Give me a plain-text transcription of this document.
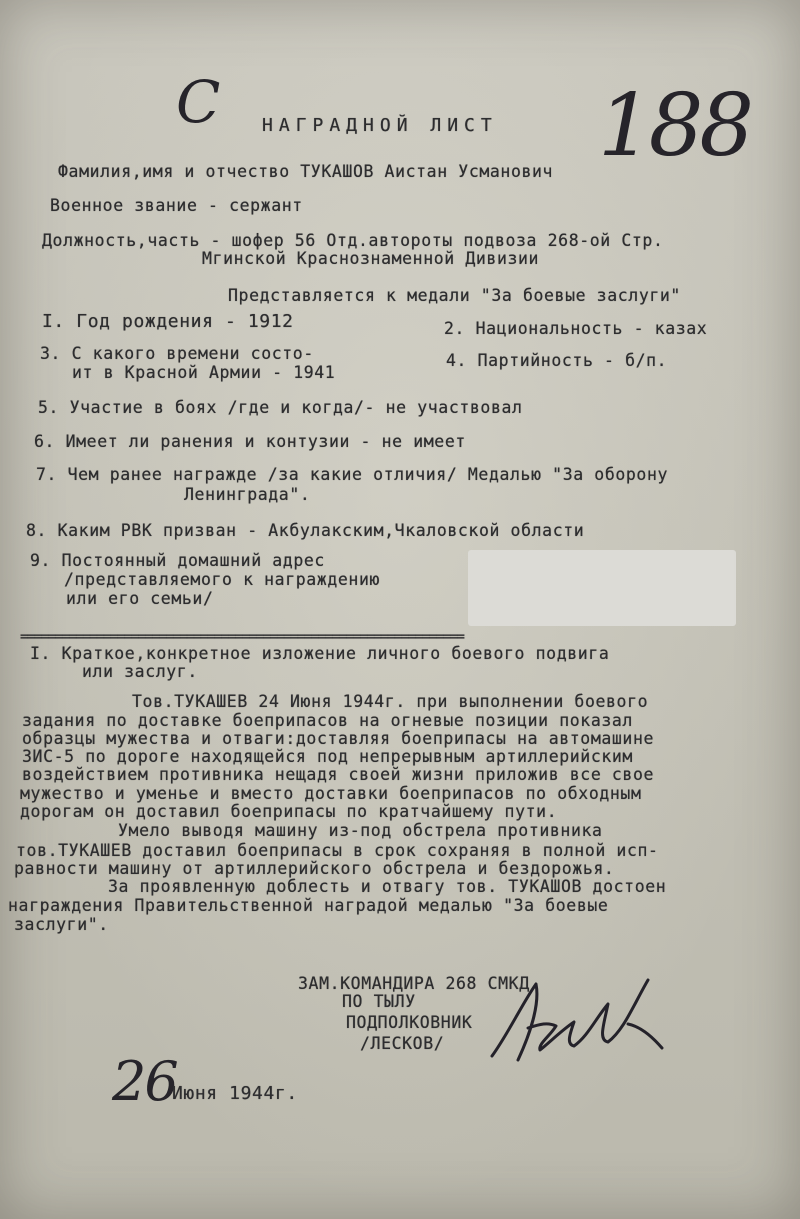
С	188
НАГРАДНОЙ ЛИСТ
Фамилия,имя и отчество ТУКАШОВ Аистан Усманович
Военное звание - сержант
Должность,часть - шофер 56 Отд.автороты подвоза 268-ой Стр.
Мгинской Краснознаменной Дивизии
Представляется к медали "За боевые заслуги"
I. Год рождения - 1912	2. Национальность - казах
3. С какого времени состо-
ит в Красной Армии - 1941
4. Партийность - б/п.
5. Участие в боях /где и когда/- не участвовал
6. Имеет ли ранения и контузии - не имеет
7. Чем ранее награжде /за какие отличия/ Медалью "За оборону
Ленинграда".
8. Каким РВК призван - Акбулакским,Чкаловской области
9. Постоянный домашний адрес
/представляемого к награждению
или его семьи/
================================================================
I. Краткое,конкретное изложение личного боевого подвига
или заслуг.
Тов.ТУКАШЕВ 24 Июня 1944г. при выполнении боевого
задания по доставке боеприпасов на огневые позиции показал
образцы мужества и отваги:доставляя боеприпасы на автомашине
ЗИС-5 по дороге находящейся под непрерывным артиллерийским
воздействием противника нещадя своей жизни приложив все свое
мужество и уменье и вместо доставки боеприпасов по обходным
дорогам он доставил боеприпасы по кратчайшему пути.
Умело выводя машину из-под обстрела противника
тов.ТУКАШЕВ доставил боеприпасы в срок сохраняя в полной исп-
равности машину от артиллерийского обстрела и бездорожья.
За проявленную доблесть и отвагу тов. ТУКАШОВ достоен
награждения Правительственной наградой медалью "За боевые
заслуги".
ЗАМ.КОМАНДИРА 268 СМКД
ПО ТЫЛУ
ПОДПОЛКОВНИК
/ЛЕСКОВ/
26
Июня 1944г.
